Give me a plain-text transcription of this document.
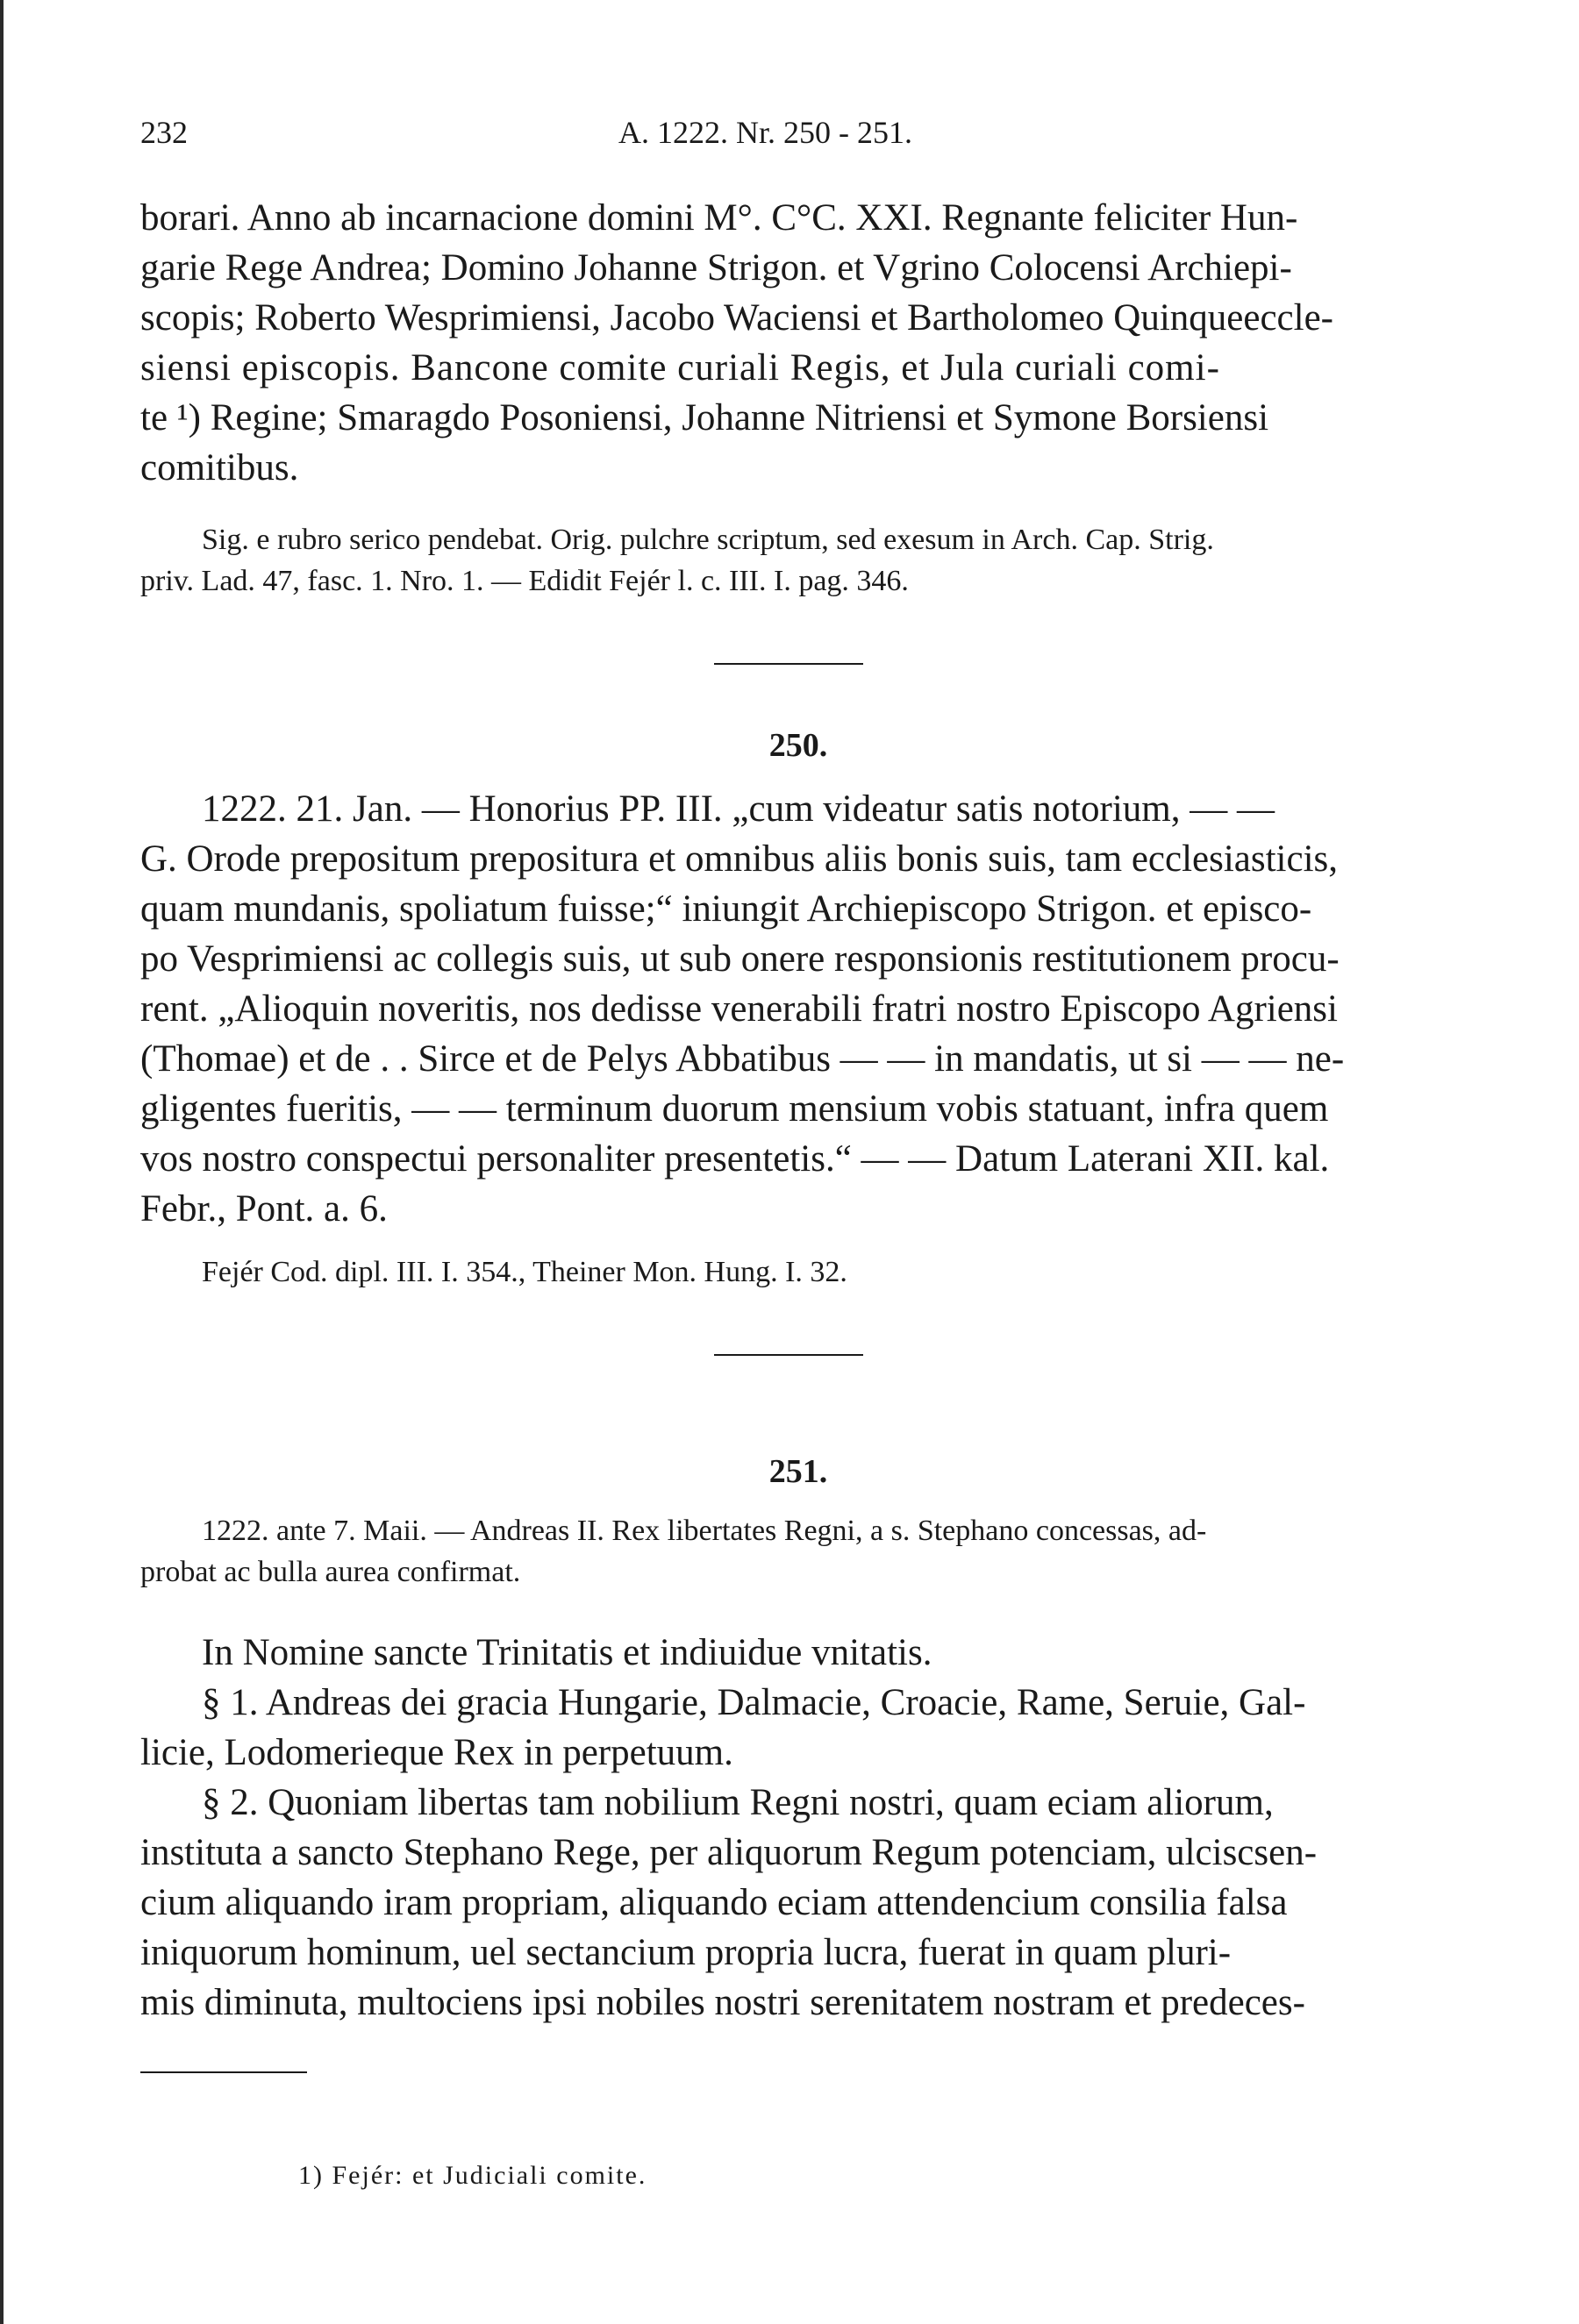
232	A. 1222. Nr. 250 - 251.

borari. Anno ab incarnacione domini M°. C°C. XXI. Regnante feliciter Hun-

garie Rege Andrea; Domino Johanne Strigon. et Vgrino Colocensi Archiepi-

scopis; Roberto Wesprimiensi, Jacobo Waciensi et Bartholomeo Quinqueeccle-

siensi episcopis. Bancone comite curiali Regis, et Jula curiali comi-

te ¹) Regine; Smaragdo Posoniensi, Johanne Nitriensi et Symone Borsiensi

comitibus.

Sig. e rubro serico pendebat. Orig. pulchre scriptum, sed exesum in Arch. Cap. Strig.

priv. Lad. 47, fasc. 1. Nro. 1. — Edidit Fejér l. c. III. I. pag. 346.

250.

1222. 21. Jan. — Honorius PP. III. „cum videatur satis notorium, — —

G. Orode prepositum prepositura et omnibus aliis bonis suis, tam ecclesiasticis,

quam mundanis, spoliatum fuisse;“ iniungit Archiepiscopo Strigon. et episco-

po Vesprimiensi ac collegis suis, ut sub onere responsionis restitutionem procu-

rent. „Alioquin noveritis, nos dedisse venerabili fratri nostro Episcopo Agriensi

(Thomae) et de . . Sirce et de Pelys Abbatibus — — in mandatis, ut si — — ne-

gligentes fueritis, — — terminum duorum mensium vobis statuant, infra quem

vos nostro conspectui personaliter presentetis.“ — — Datum Laterani XII. kal.

Febr., Pont. a. 6.

Fejér Cod. dipl. III. I. 354., Theiner Mon. Hung. I. 32.

251.

1222. ante 7. Maii. — Andreas II. Rex libertates Regni, a s. Stephano concessas, ad-

probat ac bulla aurea confirmat.

In Nomine sancte Trinitatis et indiuidue vnitatis.

§ 1. Andreas dei gracia Hungarie, Dalmacie, Croacie, Rame, Seruie, Gal-

licie, Lodomerieque Rex in perpetuum.

§ 2. Quoniam libertas tam nobilium Regni nostri, quam eciam aliorum,

instituta a sancto Stephano Rege, per aliquorum Regum potenciam, ulciscsen-

cium aliquando iram propriam, aliquando eciam attendencium consilia falsa

iniquorum hominum, uel sectancium propria lucra, fuerat in quam pluri-

mis diminuta, multociens ipsi nobiles nostri serenitatem nostram et predeces-

1) Fejér: et Judiciali comite.
